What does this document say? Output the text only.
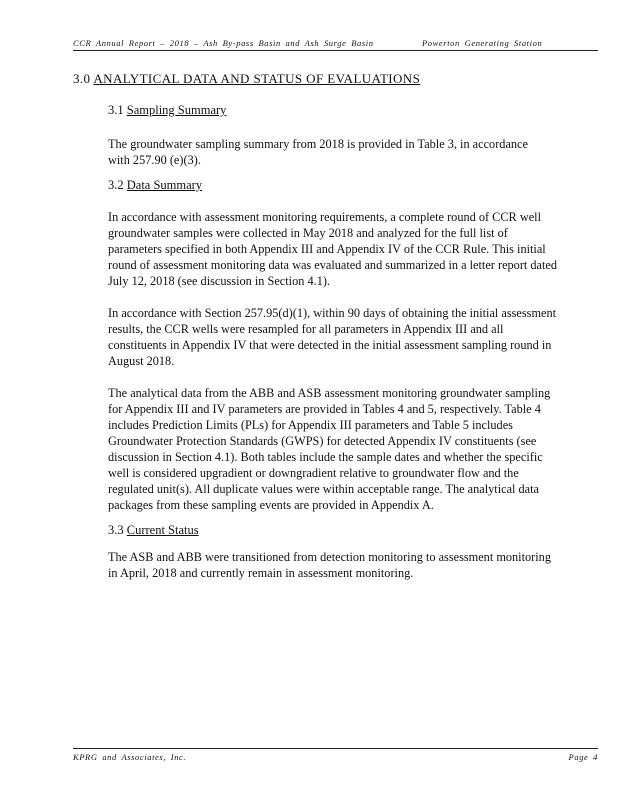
CCR Annual Report – 2018 – Ash By-pass Basin and Ash Surge Basin	Powerton Generating Station
3.0 ANALYTICAL DATA AND STATUS OF EVALUATIONS
3.1 Sampling Summary
The groundwater sampling summary from 2018 is provided in Table 3, in accordance
with 257.90 (e)(3).
3.2 Data Summary
In accordance with assessment monitoring requirements, a complete round of CCR well
groundwater samples were collected in May 2018 and analyzed for the full list of
parameters specified in both Appendix III and Appendix IV of the CCR Rule. This initial
round of assessment monitoring data was evaluated and summarized in a letter report dated
July 12, 2018 (see discussion in Section 4.1).
In accordance with Section 257.95(d)(1), within 90 days of obtaining the initial assessment
results, the CCR wells were resampled for all parameters in Appendix III and all
constituents in Appendix IV that were detected in the initial assessment sampling round in
August 2018.
The analytical data from the ABB and ASB assessment monitoring groundwater sampling
for Appendix III and IV parameters are provided in Tables 4 and 5, respectively. Table 4
includes Prediction Limits (PLs) for Appendix III parameters and Table 5 includes
Groundwater Protection Standards (GWPS) for detected Appendix IV constituents (see
discussion in Section 4.1). Both tables include the sample dates and whether the specific
well is considered upgradient or downgradient relative to groundwater flow and the
regulated unit(s). All duplicate values were within acceptable range. The analytical data
packages from these sampling events are provided in Appendix A.
3.3 Current Status
The ASB and ABB were transitioned from detection monitoring to assessment monitoring
in April, 2018 and currently remain in assessment monitoring.
KPRG and Associates, Inc.	Page 4
